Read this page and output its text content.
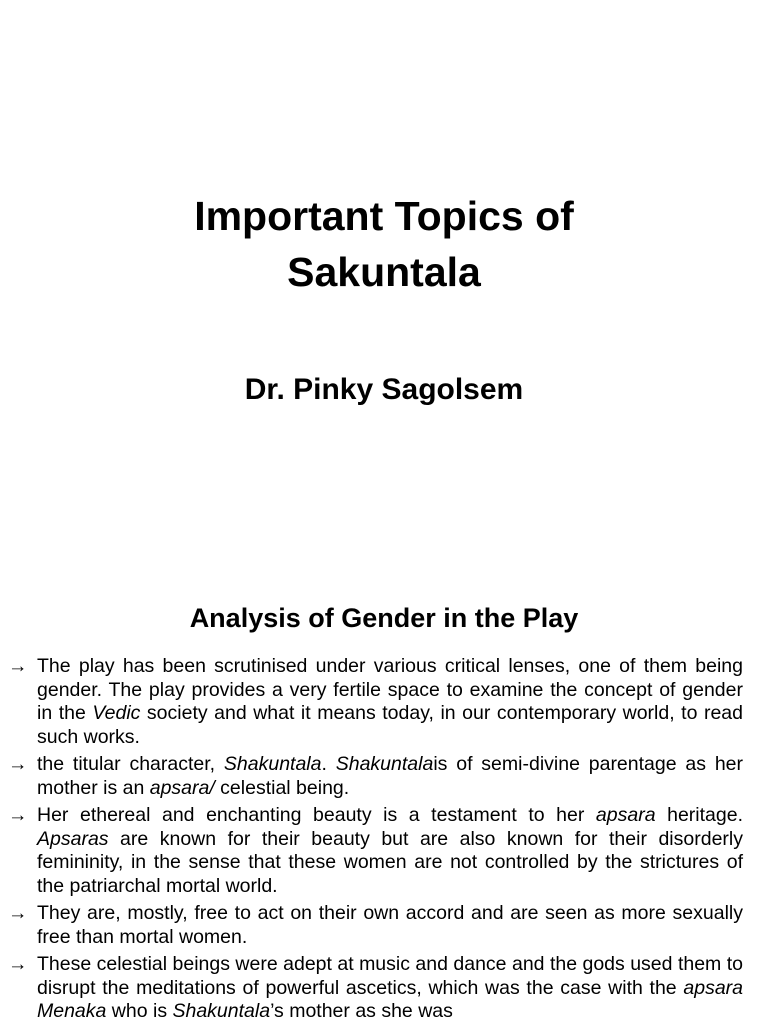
Important Topics of
Sakuntala
Dr. Pinky Sagolsem
Analysis of Gender in the Play
→ The play has been scrutinised under various critical lenses, one of them being gender. The play provides a very fertile space to examine the concept of gender in the Vedic society and what it means today, in our contemporary world, to read such works.
→ the titular character, Shakuntala. Shakuntalais of semi-divine parentage as her mother is an apsara/ celestial being.
→ Her ethereal and enchanting beauty is a testament to her apsara heritage. Apsaras are known for their beauty but are also known for their disorderly femininity, in the sense that these women are not controlled by the strictures of the patriarchal mortal world.
→ They are, mostly, free to act on their own accord and are seen as more sexually free than mortal women.
→ These celestial beings were adept at music and dance and the gods used them to disrupt the meditations of powerful ascetics, which was the case with the apsara Menaka who is Shakuntala’s mother as she was
